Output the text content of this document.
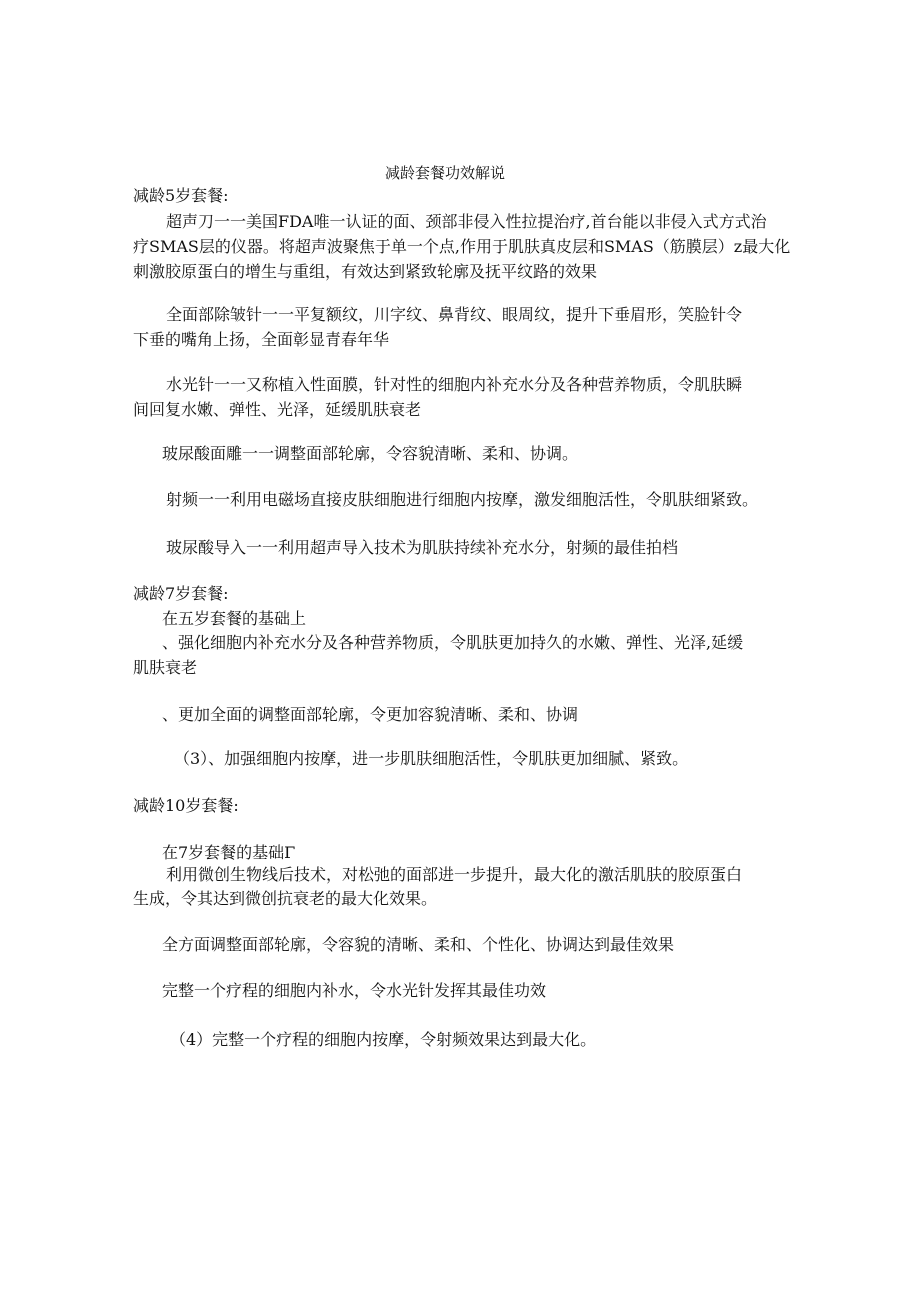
减龄套餐功效解说

减龄5岁套餐:

超声刀一一美国FDA唯一认证的面、颈部非侵入性拉提治疗,首台能以非侵入式方式治

疗SMAS层的仪器。将超声波聚焦于单一个点,作用于肌肤真皮层和SMAS（筋膜层）z最大化

刺激胶原蛋白的增生与重组，有效达到紧致轮廓及抚平纹路的效果

全面部除皱针一一平复额纹，川字纹、鼻背纹、眼周纹，提升下垂眉形，笑脸针令

下垂的嘴角上扬，全面彰显青春年华

水光针一一又称植入性面膜，针对性的细胞内补充水分及各种营养物质，令肌肤瞬

间回复水嫩、弹性、光泽，延缓肌肤衰老

玻尿酸面雕一一调整面部轮廓，令容貌清晰、柔和、协调。

射频一一利用电磁场直接皮肤细胞进行细胞内按摩，激发细胞活性，令肌肤细紧致。

玻尿酸导入一一利用超声导入技术为肌肤持续补充水分，射频的最佳拍档

减龄7岁套餐:

在五岁套餐的基础上

、强化细胞内补充水分及各种营养物质，令肌肤更加持久的水嫩、弹性、光泽,延缓

肌肤衰老

、更加全面的调整面部轮廓，令更加容貌清晰、柔和、协调

（3）、加强细胞内按摩，进一步肌肤细胞活性，令肌肤更加细腻、紧致。

减龄10岁套餐:

在7岁套餐的基础Γ

利用微创生物线后技术，对松弛的面部进一步提升，最大化的激活肌肤的胶原蛋白

生成，令其达到微创抗衰老的最大化效果。

全方面调整面部轮廓，令容貌的清晰、柔和、个性化、协调达到最佳效果

完整一个疗程的细胞内补水，令水光针发挥其最佳功效

（4）完整一个疗程的细胞内按摩，令射频效果达到最大化。
